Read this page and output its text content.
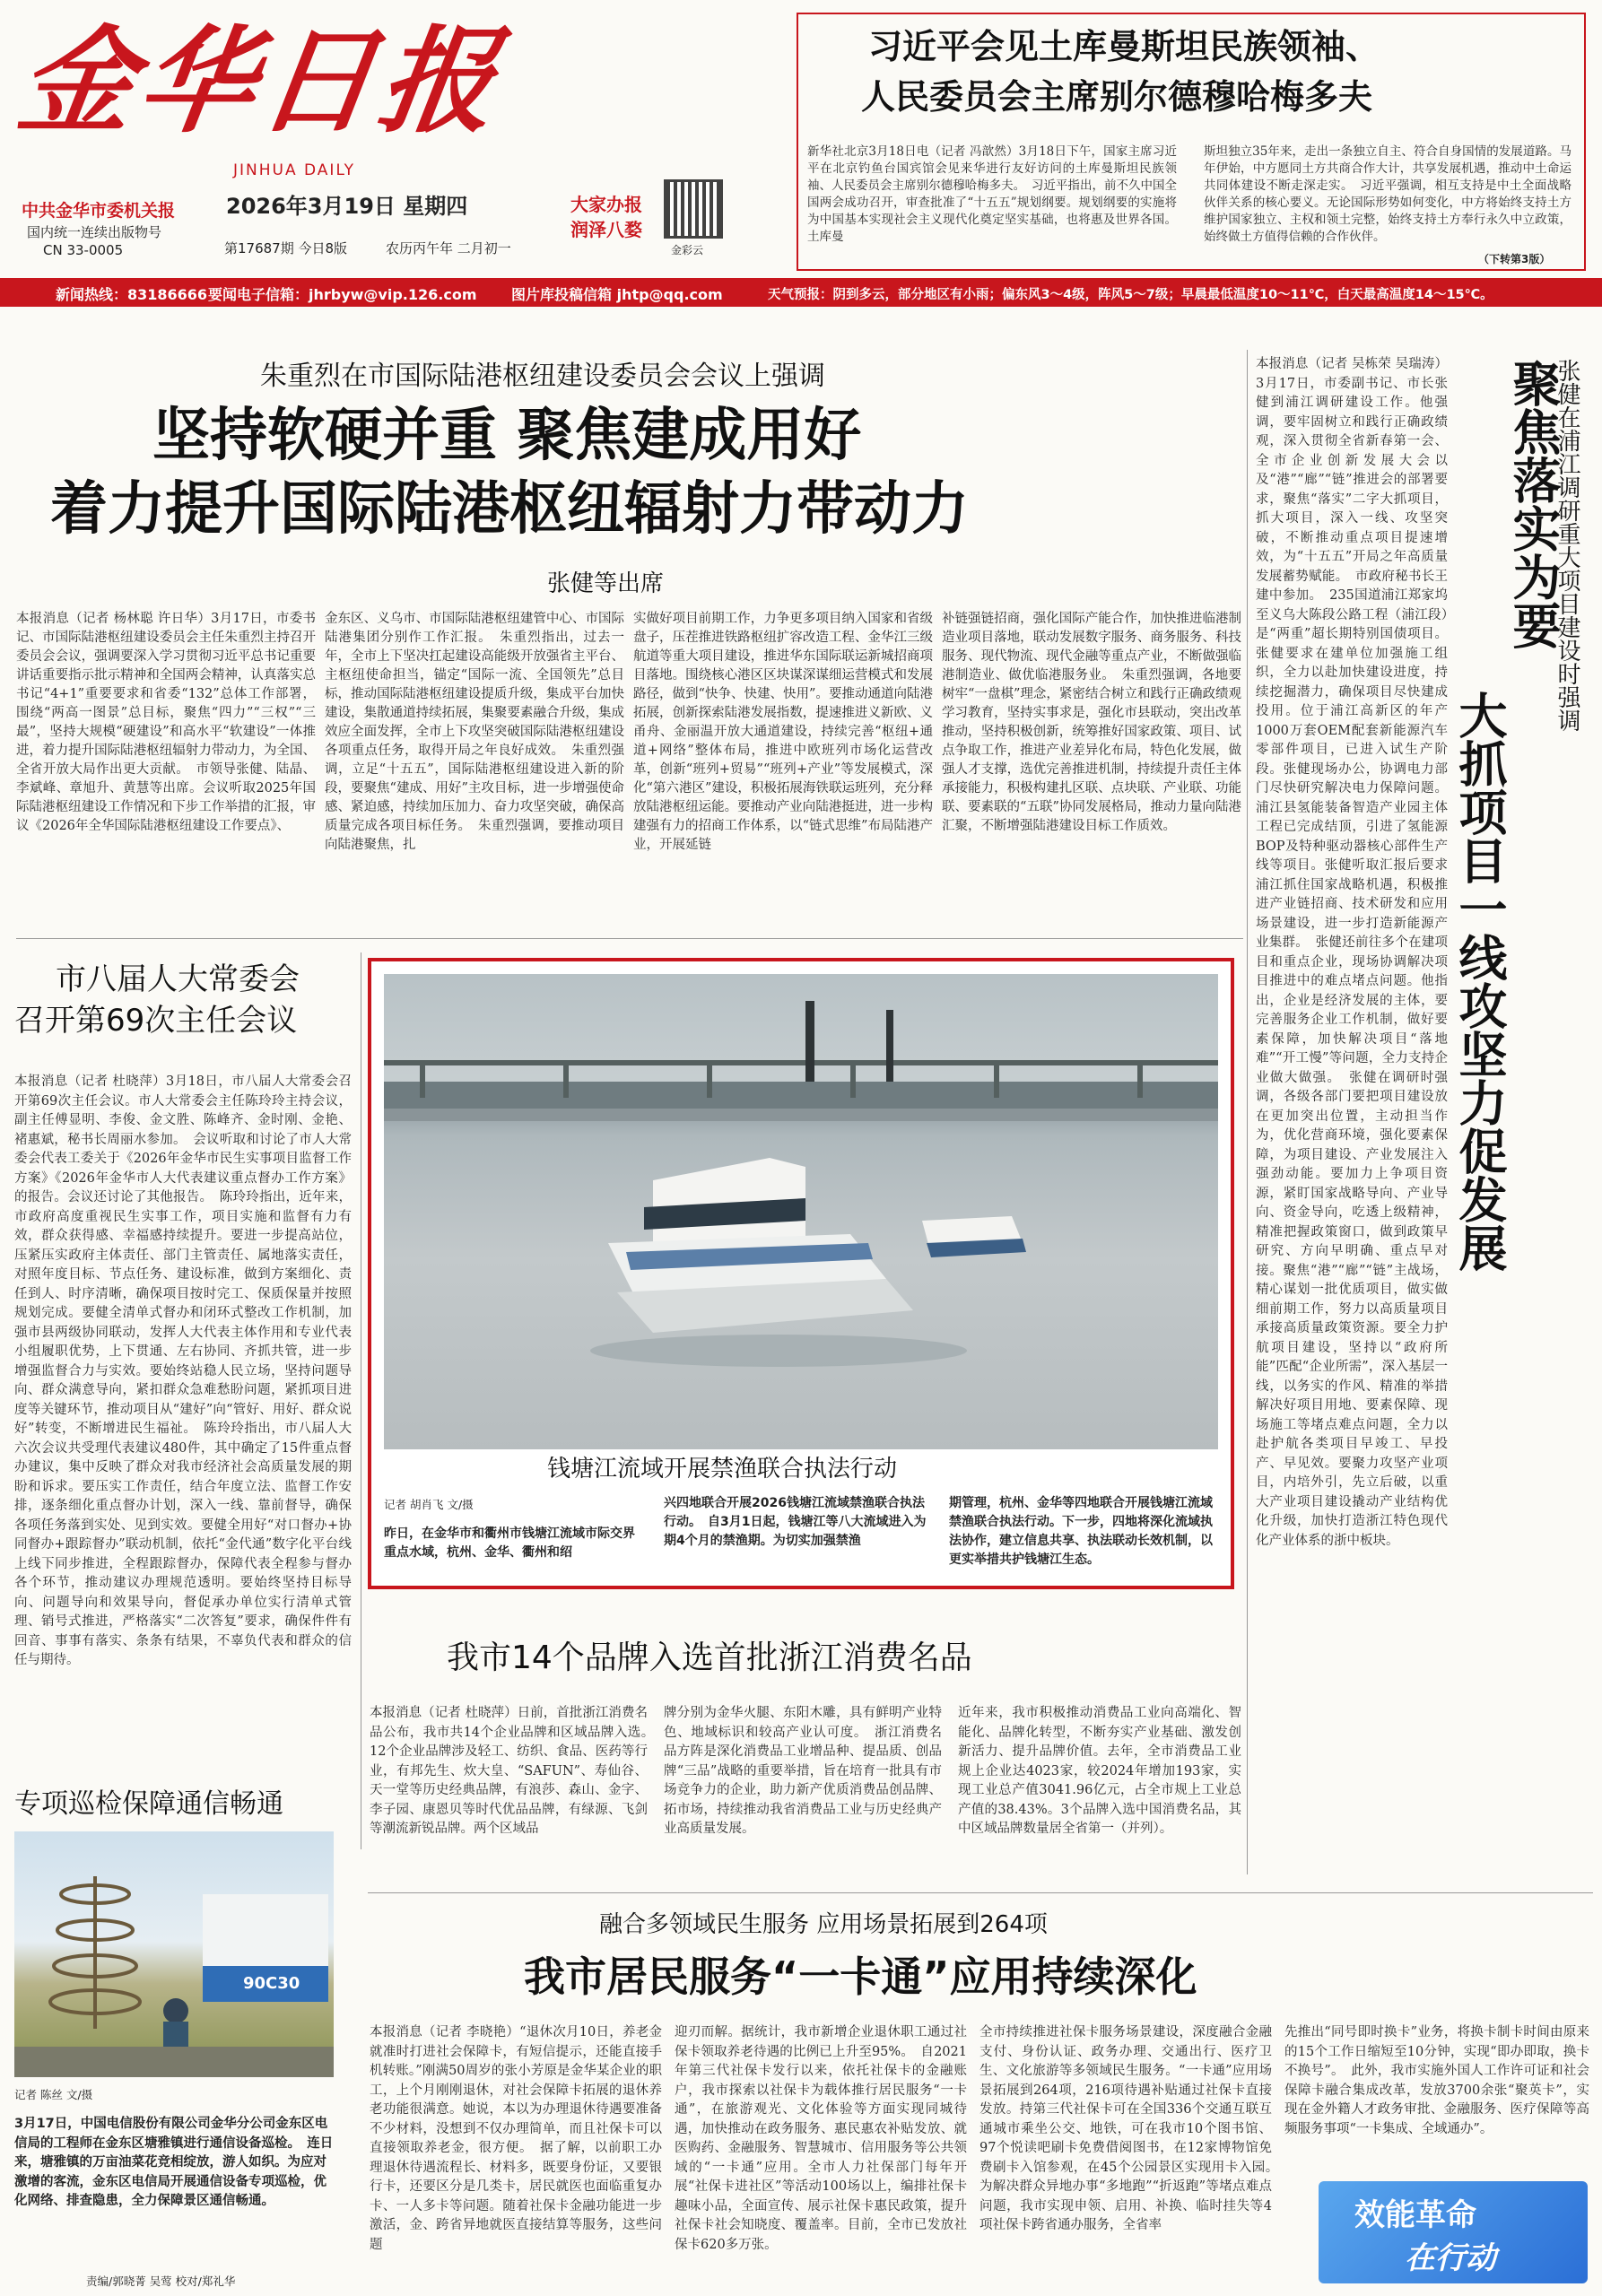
金华日报
JINHUA DAILY
中共金华市委机关报
国内统一连续出版物号
CN 33-0005
2026年3月19日 星期四
第17687期 今日8版	农历丙午年 二月初一
大家办报
润泽八婺
金彩云
习近平会见土库曼斯坦民族领袖、
人民委员会主席别尔德穆哈梅多夫
新华社北京3月18日电（记者 冯歆然）3月18日下午，国家主席习近平在北京钓鱼台国宾馆会见来华进行友好访问的土库曼斯坦民族领袖、人民委员会主席别尔德穆哈梅多夫。　习近平指出，前不久中国全国两会成功召开，审查批准了“十五五”规划纲要。规划纲要的实施将为中国基本实现社会主义现代化奠定坚实基础，也将惠及世界各国。土库曼
斯坦独立35年来，走出一条独立自主、符合自身国情的发展道路。马年伊始，中方愿同土方共商合作大计，共享发展机遇，推动中土命运共同体建设不断走深走实。　习近平强调，相互支持是中土全面战略伙伴关系的核心要义。无论国际形势如何变化，中方将始终支持土方维护国家独立、主权和领土完整，始终支持土方奉行永久中立政策，始终做土方值得信赖的合作伙伴。
（下转第3版）
新闻热线：83186666 要闻电子信箱：jhrbyw@vip.126.com 图片库投稿信箱 jhtp@qq.com	天气预报：阴到多云，部分地区有小雨；偏东风3～4级，阵风5～7级；早晨最低温度10～11℃，白天最高温度14～15℃。
朱重烈在市国际陆港枢纽建设委员会会议上强调
坚持软硬并重 聚焦建成用好
着力提升国际陆港枢纽辐射力带动力
张健等出席
本报消息（记者 杨林聪 许日华）3月17日，市委书记、市国际陆港枢纽建设委员会主任朱重烈主持召开委员会会议，强调要深入学习贯彻习近平总书记重要讲话重要指示批示精神和全国两会精神，认真落实总书记“4+1”重要要求和省委“132”总体工作部署，围绕“两高一图景”总目标，聚焦“四力”“三权”“三最”，坚持大规模“硬建设”和高水平“软建设”一体推进，着力提升国际陆港枢纽辐射力带动力，为全国、全省开放大局作出更大贡献。　市领导张健、陆晶、李斌峰、章旭升、黄慧等出席。会议听取2025年国际陆港枢纽建设工作情况和下步工作举措的汇报，审议《2026年全华国际陆港枢纽建设工作要点》、
金东区、义乌市、市国际陆港枢纽建管中心、市国际陆港集团分别作工作汇报。　朱重烈指出，过去一年，全市上下坚决扛起建设高能级开放强省主平台、主枢纽使命担当，锚定“国际一流、全国领先”总目标，推动国际陆港枢纽建设提质升级，集成平台加快建设，集散通道持续拓展，集聚要素融合升级，集成效应全面发挥，全市上下攻坚突破国际陆港枢纽建设各项重点任务，取得开局之年良好成效。　朱重烈强调，立足“十五五”，国际陆港枢纽建设进入新的阶段，要聚焦“建成、用好”主攻目标，进一步增强使命感、紧迫感，持续加压加力、奋力攻坚突破，确保高质量完成各项目标任务。　朱重烈强调，要推动项目向陆港聚焦，扎
实做好项目前期工作，力争更多项目纳入国家和省级盘子，压茬推进铁路枢纽扩容改造工程、金华江三级航道等重大项目建设，推进华东国际联运新城招商项目落地。围绕核心港区区块谋深谋细运营模式和发展路径，做到“快争、快建、快用”。要推动通道向陆港拓展，创新探索陆港发展指数，提速推进义新欧、义甬舟、金丽温开放大通道建设，持续完善“枢纽+通道+网络”整体布局，推进中欧班列市场化运营改革，创新“班列+贸易”“班列+产业”等发展模式，深化“第六港区”建设，积极拓展海铁联运班列，充分释放陆港枢纽运能。要推动产业向陆港挺进，进一步构建强有力的招商工作体系，以“链式思维”布局陆港产业，开展延链
补链强链招商，强化国际产能合作，加快推进临港制造业项目落地，联动发展数字服务、商务服务、科技服务、现代物流、现代金融等重点产业，不断做强临港制造业、做优临港服务业。　朱重烈强调，各地要树牢“一盘棋”理念，紧密结合树立和践行正确政绩观学习教育，坚持实事求是，强化市县联动，突出改革推动，坚持积极创新，统筹推好国家政策、项目、试点争取工作，推进产业差异化布局，特色化发展，做强人才支撑，选优完善推进机制，持续提升责任主体承接能力，积极构建扎区联、点块联、产业联、功能联、要素联的“五联”协同发展格局，推动力量向陆港汇聚，不断增强陆港建设目标工作质效。
张健在浦江调研重大项目建设时强调
聚焦落实为要
大抓项目一线攻坚力促发展
本报消息（记者 吴栋荣 吴瑞涛）3月17日，市委副书记、市长张健到浦江调研建设工作。他强调，要牢固树立和践行正确政绩观，深入贯彻全省新春第一会、全市企业创新发展大会以及“港”“廊”“链”推进会的部署要求，聚焦“落实”二字大抓项目，抓大项目，深入一线、攻坚突破，不断推动重点项目提速增效，为“十五五”开局之年高质量发展蓄势赋能。　市政府秘书长王建中参加。　235国道浦江郑家坞至义乌大陈段公路工程（浦江段）是“两重”超长期特别国债项目。张健要求在建单位加强施工组织，全力以赴加快建设进度，持续挖掘潜力，确保项目尽快建成投用。位于浦江高新区的年产1000万套OEM配套新能源汽车零部件项目，已进入试生产阶段。张健现场办公，协调电力部门尽快研究解决电力保障问题。浦江县氢能装备智造产业园主体工程已完成结顶，引进了氢能源BOP及特种驱动器核心部件生产线等项目。张健听取汇报后要求浦江抓住国家战略机遇，积极推进产业链招商、技术研发和应用场景建设，进一步打造新能源产业集群。　张健还前往多个在建项目和重点企业，现场协调解决项目推进中的难点堵点问题。他指出，企业是经济发展的主体，要完善服务企业工作机制，做好要素保障，加快解决项目“落地难”“开工慢”等问题，全力支持企业做大做强。　张健在调研时强调，各级各部门要把项目建设放在更加突出位置，主动担当作为，优化营商环境，强化要素保障，为项目建设、产业发展注入强劲动能。要加力上争项目资源，紧盯国家战略导向、产业导向、资金导向，吃透上级精神，精准把握政策窗口，做到政策早研究、方向早明确、重点早对接。聚焦“港”“廊”“链”主战场，精心谋划一批优质项目，做实做细前期工作，努力以高质量项目承接高质量政策资源。要全力护航项目建设，坚持以“政府所能”匹配“企业所需”，深入基层一线，以务实的作风、精准的举措解决好项目用地、要素保障、现场施工等堵点难点问题，全力以赴护航各类项目早竣工、早投产、早见效。要聚力攻坚产业项目，内培外引，先立后破，以重大产业项目建设撬动产业结构优化升级，加快打造浙江特色现代化产业体系的浙中板块。
市八届人大常委会
召开第69次主任会议
本报消息（记者 杜晓萍）3月18日，市八届人大常委会召开第69次主任会议。市人大常委会主任陈玲玲主持会议，副主任傅显明、李俊、金文胜、陈峰齐、金时刚、金艳、褚惠斌，秘书长周丽水参加。　会议听取和讨论了市人大常委会代表工委关于《2026年金华市民生实事项目监督工作方案》《2026年金华市人大代表建议重点督办工作方案》的报告。会议还讨论了其他报告。　陈玲玲指出，近年来，市政府高度重视民生实事工作，项目实施和监督有力有效，群众获得感、幸福感持续提升。要进一步提高站位，压紧压实政府主体责任、部门主管责任、属地落实责任，对照年度目标、节点任务、建设标准，做到方案细化、责任到人、时序清晰，确保项目按时完工、保质保量并按照规划完成。要健全清单式督办和闭环式整改工作机制，加强市县两级协同联动，发挥人大代表主体作用和专业代表小组履职优势，上下贯通、左右协同、齐抓共管，进一步增强监督合力与实效。要始终站稳人民立场，坚持问题导向、群众满意导向，紧扣群众急难愁盼问题，紧抓项目进度等关键环节，推动项目从“建好”向“管好、用好、群众说好”转变，不断增进民生福祉。　陈玲玲指出，市八届人大六次会议共受理代表建议480件，其中确定了15件重点督办建议，集中反映了群众对我市经济社会高质量发展的期盼和诉求。要压实工作责任，结合年度立法、监督工作安排，逐条细化重点督办计划，深入一线、靠前督导，确保各项任务落到实处、见到实效。要健全用好“对口督办+协同督办+跟踪督办”联动机制，依托“金代通”数字化平台线上线下同步推进，全程跟踪督办，保障代表全程参与督办各个环节，推动建议办理规范透明。要始终坚持目标导向、问题导向和效果导向，督促承办单位实行清单式管理、销号式推进，严格落实“二次答复”要求，确保件件有回音、事事有落实、条条有结果，不辜负代表和群众的信任与期待。
钱塘江流域开展禁渔联合执法行动
记者 胡肖飞 文/摄
昨日，在金华市和衢州市钱塘江流域市际交界重点水域，杭州、金华、衢州和绍
兴四地联合开展2026钱塘江流域禁渔联合执法行动。　自3月1日起，钱塘江等八大流域进入为期4个月的禁渔期。为切实加强禁渔
期管理，杭州、金华等四地联合开展钱塘江流域禁渔联合执法行动。下一步，四地将深化流域执法协作，建立信息共享、执法联动长效机制，以更实举措共护钱塘江生态。
我市14个品牌入选首批浙江消费名品
本报消息（记者 杜晓萍）日前，首批浙江消费名品公布，我市共14个企业品牌和区域品牌入选。　12个企业品牌涉及轻工、纺织、食品、医药等行业，有邦先生、炊大皇、“SAFUN”、寿仙谷、天一堂等历史经典品牌，有浪莎、森山、金字、李子园、康恩贝等时代优品品牌，有绿源、飞剑等潮流新锐品牌。两个区域品
牌分别为金华火腿、东阳木雕，具有鲜明产业特色、地域标识和较高产业认可度。　浙江消费名品方阵是深化消费品工业增品种、提品质、创品牌“三品”战略的重要举措，旨在培育一批具有市场竞争力的企业，助力新产优质消费品创品牌、拓市场，持续推动我省消费品工业与历史经典产业高质量发展。
近年来，我市积极推动消费品工业向高端化、智能化、品牌化转型，不断夯实产业基础、激发创新活力、提升品牌价值。去年，全市消费品工业规上企业达4023家，较2024年增加193家，实现工业总产值3041.96亿元，占全市规上工业总产值的38.43%。3个品牌入选中国消费名品，其中区域品牌数量居全省第一（并列）。
专项巡检保障通信畅通
90C30
记者 陈丝 文/摄
3月17日，中国电信股份有限公司金华分公司金东区电信局的工程师在金东区塘雅镇进行通信设备巡检。　连日来，塘雅镇的万亩油菜花竞相绽放，游人如织。为应对激增的客流，金东区电信局开展通信设备专项巡检，优化网络、排查隐患，全力保障景区通信畅通。
责编/郭晓菁 吴莺 校对/郑礼华
融合多领域民生服务 应用场景拓展到264项
我市居民服务“一卡通”应用持续深化
本报消息（记者 李晓艳）“退休次月10日，养老金就准时打进社会保障卡，有短信提示，还能直接手机转账。”刚满50周岁的张小芳原是金华某企业的职工，上个月刚刚退休，对社会保障卡拓展的退休养老功能很满意。她说，本以为办理退休待遇要准备不少材料，没想到不仅办理简单，而且社保卡可以直接领取养老金，很方便。　据了解，以前职工办理退休待遇流程长、材料多，既要身份证，又要银行卡，还要区分是几类卡，居民就医也面临重复办卡、一人多卡等问题。随着社保卡金融功能进一步激活，金、跨省异地就医直接结算等服务，这些问题
迎刃而解。据统计，我市新增企业退休职工通过社保卡领取养老待遇的比例已上升至95%。　自2021年第三代社保卡发行以来，依托社保卡的金融账户，我市探索以社保卡为载体推行居民服务“一卡通”，在旅游观光、文化体验等方面实现同城待遇，加快推动在政务服务、惠民惠农补贴发放、就医购药、金融服务、智慧城市、信用服务等公共领域的“一卡通”应用。全市人力社保部门每年开展“社保卡进社区”等活动100场以上，编排社保卡趣味小品，全面宣传、展示社保卡惠民政策，提升社保卡社会知晓度、覆盖率。目前，全市已发放社保卡620多万张。
全市持续推进社保卡服务场景建设，深度融合金融支付、身份认证、政务办理、交通出行、医疗卫生、文化旅游等多领域民生服务。“一卡通”应用场景拓展到264项，216项待遇补贴通过社保卡直接发放。持第三代社保卡可在全国336个交通互联互通城市乘坐公交、地铁，可在我市10个图书馆、97个悦读吧刷卡免费借阅图书，在12家博物馆免费刷卡入馆参观，在45个公园景区实现用卡入园。　为解决群众异地办事“多地跑”“折返跑”等堵点难点问题，我市实现申领、启用、补换、临时挂失等4项社保卡跨省通办服务，全省率
先推出“同号即时换卡”业务，将换卡制卡时间由原来的15个工作日缩短至10分钟，实现“即办即取，换卡不换号”。　此外，我市实施外国人工作许可证和社会保障卡融合集成改革，发放3700余张“聚英卡”，实现在金外籍人才政务审批、金融服务、医疗保障等高频服务事项“一卡集成、全域通办”。
效能革命
在行动
